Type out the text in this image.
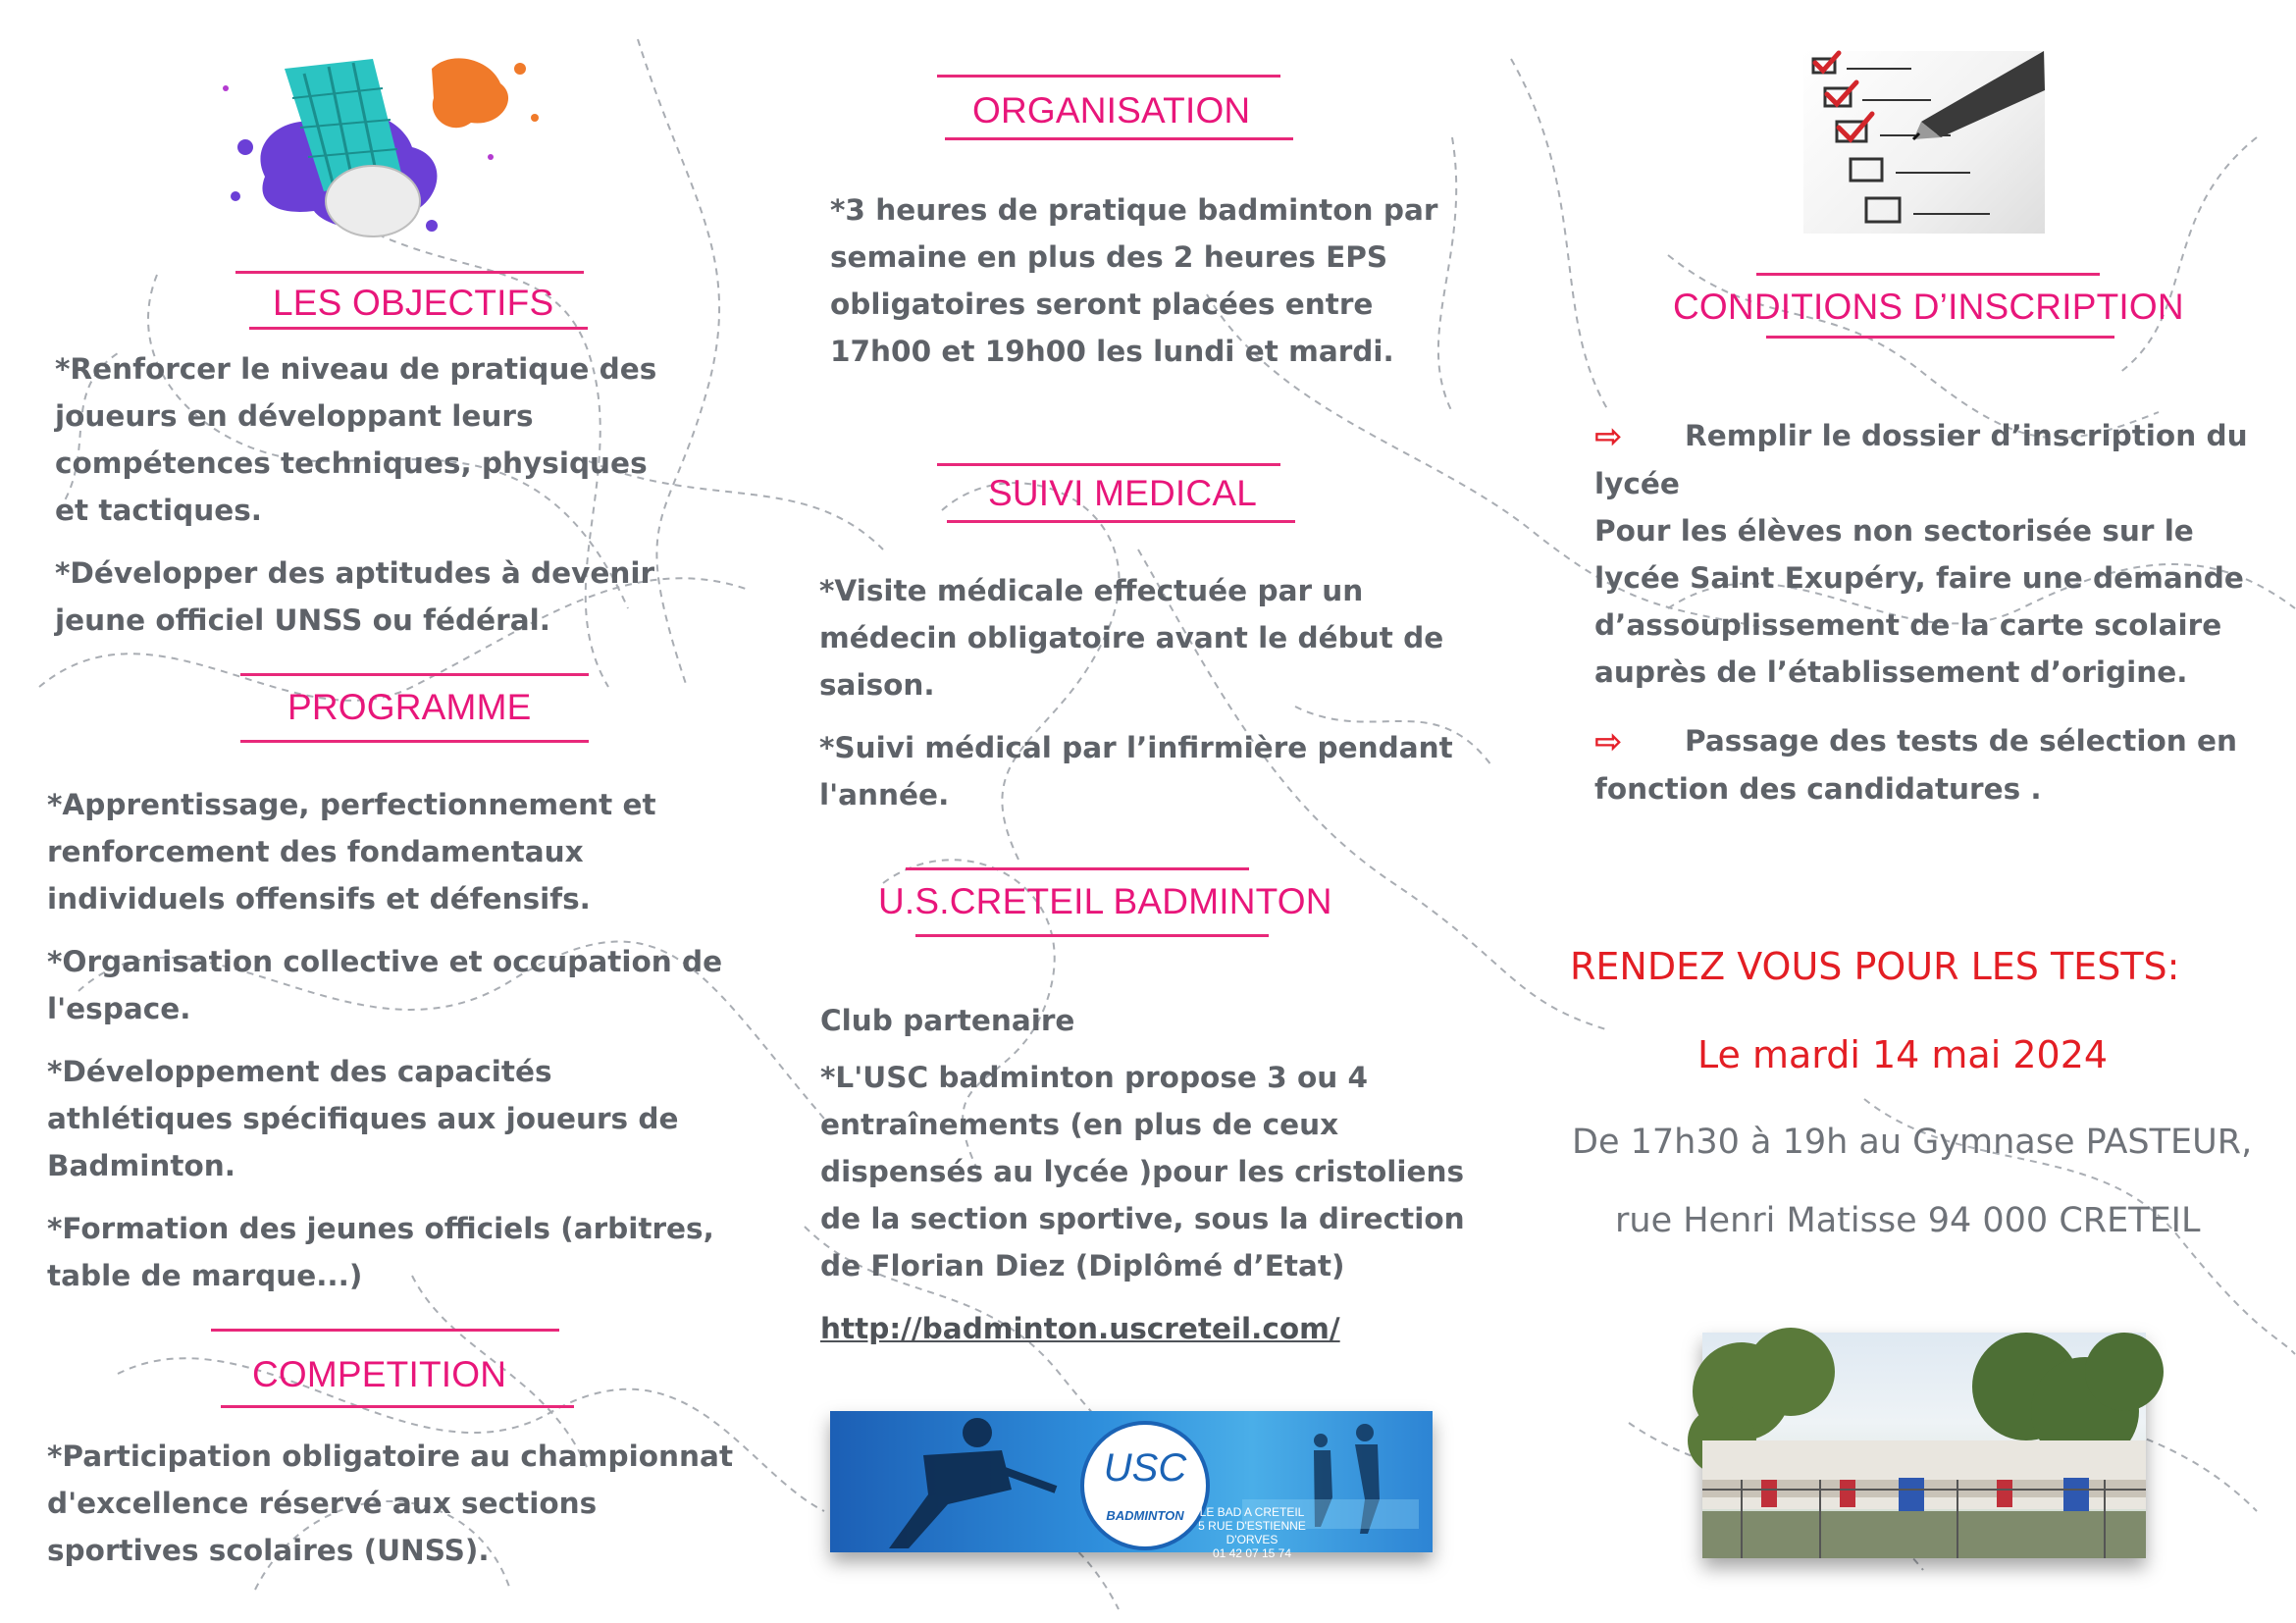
LES OBJECTIFS

*Renforcer le niveau de pratique des joueurs en développant leurs compétences techniques, physiques et tactiques.

*Développer des aptitudes à devenir jeune officiel UNSS ou fédéral.

PROGRAMME

*Apprentissage, perfectionnement et renforcement des fondamentaux individuels offensifs et défensifs.

*Organisation collective et occupation de l'espace.

*Développement des capacités athlétiques spécifiques aux joueurs de Badminton.

*Formation des jeunes officiels (arbitres, table de marque...)

COMPETITION

*Participation obligatoire au championnat d'excellence réservé aux sections sportives scolaires (UNSS).

ORGANISATION

*3 heures de pratique badminton par semaine en plus des 2 heures EPS obligatoires seront placées entre 17h00 et 19h00 les lundi et mardi.

SUIVI MEDICAL

*Visite médicale effectuée par un médecin obligatoire avant le début de saison.

*Suivi médical par l’infirmière pendant l'année.

U.S.CRETEIL BADMINTON

Club partenaire

*L'USC badminton propose 3 ou 4 entraînements (en plus de ceux dispensés au lycée )pour les cristoliens de la section sportive, sous la direction de Florian Diez (Diplômé d’Etat)

http://badminton.uscreteil.com/

USC
BADMINTON	LE BAD A CRETEIL
5 RUE D'ESTIENNE D'ORVES
01 42 07 15 74
CONDITIONS D’INSCRIPTION
⇨ Remplir le dossier d’inscription du
lycée

Pour les élèves non sectorisée sur le lycée Saint Exupéry, faire une demande d’assouplissement de la carte scolaire auprès de l’établissement d’origine.

⇨ Passage des tests de sélection en
fonction des candidatures .
RENDEZ VOUS POUR LES TESTS:
Le mardi 14 mai 2024
De 17h30 à 19h au Gymnase PASTEUR,
rue Henri Matisse 94 000 CRETEIL
